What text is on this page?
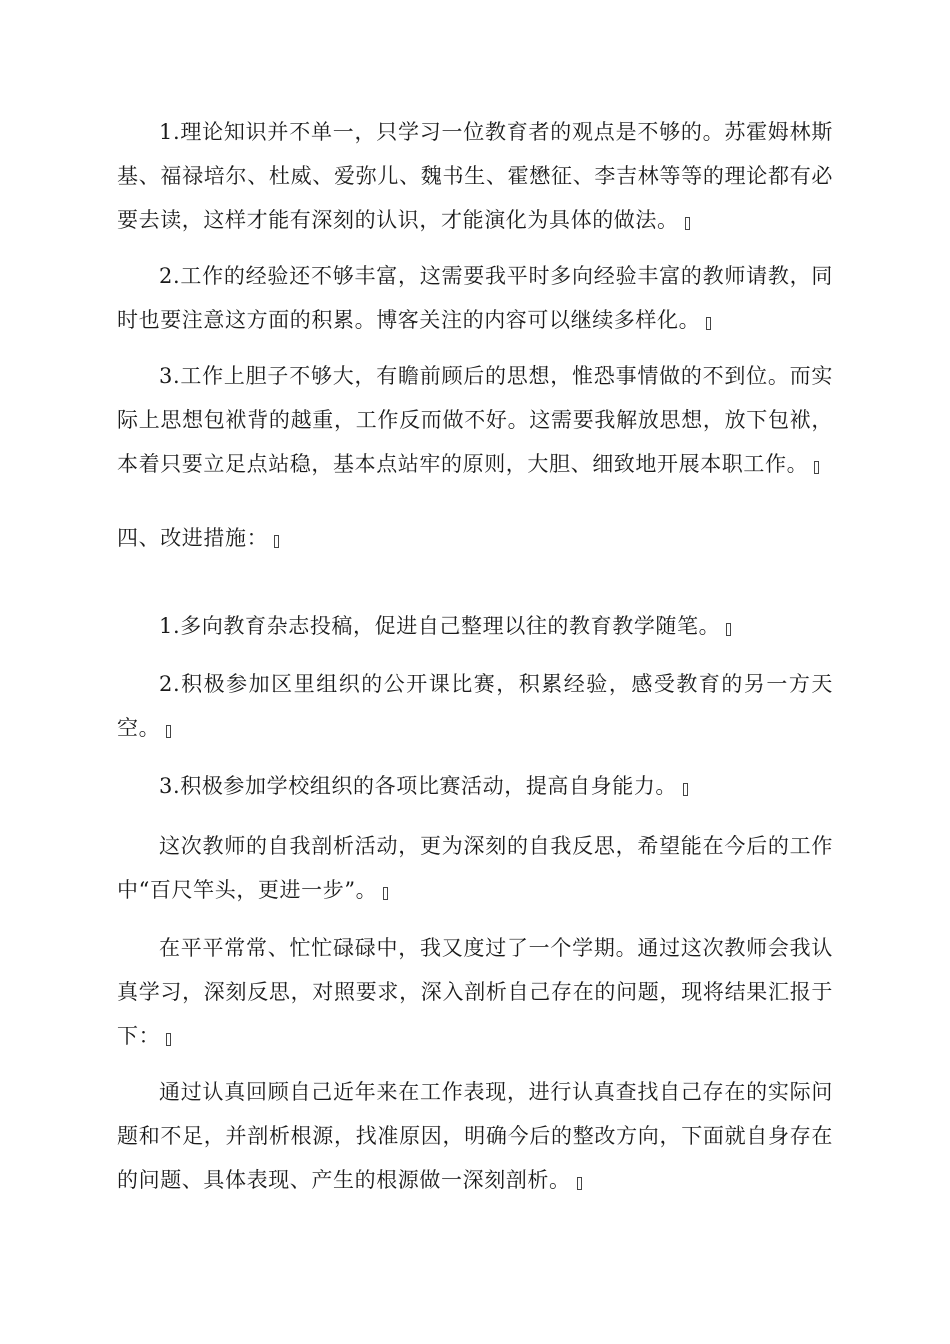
1.理论知识并不单一，只学习一位教育者的观点是不够的。苏霍姆林斯基、福禄培尔、杜威、爱弥儿、魏书生、霍懋征、李吉林等等的理论都有必要去读，这样才能有深刻的认识，才能演化为具体的做法。

2.工作的经验还不够丰富，这需要我平时多向经验丰富的教师请教，同时也要注意这方面的积累。博客关注的内容可以继续多样化。

3.工作上胆子不够大，有瞻前顾后的思想，惟恐事情做的不到位。而实际上思想包袱背的越重，工作反而做不好。这需要我解放思想，放下包袱，本着只要立足点站稳，基本点站牢的原则，大胆、细致地开展本职工作。

四、改进措施：

1.多向教育杂志投稿，促进自己整理以往的教育教学随笔。

2.积极参加区里组织的公开课比赛，积累经验，感受教育的另一方天空。

3.积极参加学校组织的各项比赛活动，提高自身能力。

这次教师的自我剖析活动，更为深刻的自我反思，希望能在今后的工作中“百尺竿头，更进一步”。

在平平常常、忙忙碌碌中，我又度过了一个学期。通过这次教师会我认真学习，深刻反思，对照要求，深入剖析自己存在的问题，现将结果汇报于下：

通过认真回顾自己近年来在工作表现，进行认真查找自己存在的实际问题和不足，并剖析根源，找准原因，明确今后的整改方向，下面就自身存在的问题、具体表现、产生的根源做一深刻剖析。
